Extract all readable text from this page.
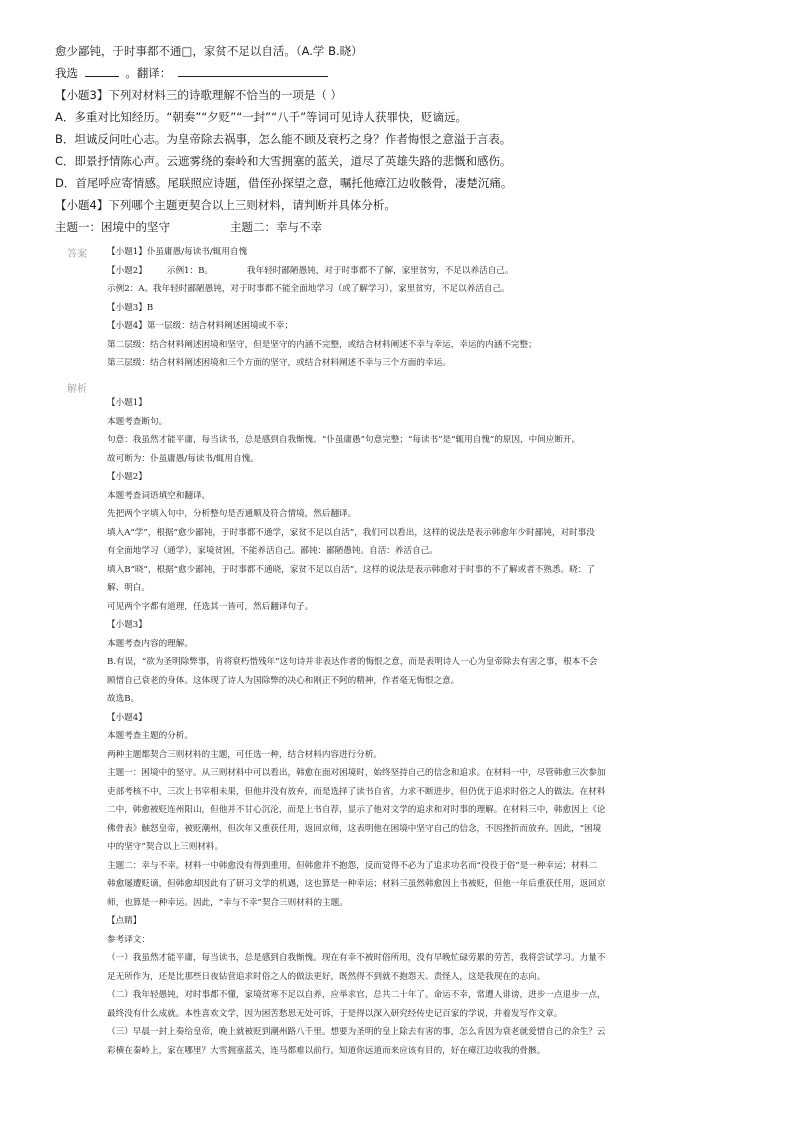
愈少鄙钝，于时事都不通□，家贫不足以自活。（A.学 B.晓）
我选	。翻译：
【小题3】下列对材料三的诗歌理解不恰当的一项是（ ）
A．多重对比知经历。“朝奏”“夕贬”“一封”“八千”等词可见诗人获罪快，贬谪远。
B．坦诚反问吐心志。为皇帝除去祸事，怎么能不顾及衰朽之身？作者悔恨之意溢于言表。
C．即景抒情陈心声。云遮雾绕的秦岭和大雪拥塞的蓝关，道尽了英雄失路的悲慨和感伤。
D．首尾呼应寄情感。尾联照应诗题，借侄孙探望之意，嘱托他瘴江边收骸骨，凄楚沉痛。
【小题4】下列哪个主题更契合以上三则材料，请判断并具体分析。
主题一：困境中的坚守	主题二：幸与不幸
答案 【小题1】仆虽庸愚/每读书/辄用自愧
【小题2】 示例1：B。	我年轻时鄙陋愚钝，对于时事都不了解，家里贫穷，不足以养活自己。
示例2：A。我年轻时鄙陋愚钝，对于时事都不能全面地学习（或了解学习），家里贫穷，不足以养活自己。
【小题3】B
【小题4】第一层级：结合材料阐述困境或不幸；
第二层级：结合材料阐述困境和坚守，但是坚守的内涵不完整，或结合材料阐述不幸与幸运，幸运的内涵不完整；
第三层级：结合材料阐述困境和三个方面的坚守，或结合材料阐述不幸与三个方面的幸运。
解析
【小题1】
本题考查断句。
句意：我虽然才能平庸，每当读书，总是感到自我惭愧。“仆虽庸愚”句意完整；“每读书”是“辄用自愧”的原因，中间应断开。
故可断为：仆虽庸愚/每读书/辄用自愧。
【小题2】
本题考查词语填空和翻译。
先把两个字填入句中，分析整句是否通顺及符合情境，然后翻译。
填入A“学”，根据“愈少鄙钝，于时事都不通学，家贫不足以自活”，我们可以看出，这样的说法是表示韩愈年少时鄙钝，对时事没
有全面地学习（通学），家境贫困，不能养活自己。鄙钝：鄙陋愚钝。自活：养活自己。
填入B“晓”，根据“愈少鄙钝，于时事都不通晓，家贫不足以自活”，这样的说法是表示韩愈对于时事的不了解或者不熟悉。晓：了
解、明白。
可见两个字都有道理，任选其一皆可，然后翻译句子。
【小题3】
本题考查内容的理解。
B.有误，“欲为圣明除弊事，肯将衰朽惜残年”这句诗并非表达作者的悔恨之意，而是表明诗人一心为皇帝除去有害之事，根本不会
顾惜自己衰老的身体。这体现了诗人为国除弊的决心和刚正不阿的精神，作者毫无悔恨之意。
故选B。
【小题4】
本题考查主题的分析。
两种主题都契合三则材料的主题，可任选一种，结合材料内容进行分析。
主题一：困境中的坚守。从三则材料中可以看出，韩愈在面对困境时，始终坚持自己的信念和追求。在材料一中，尽管韩愈三次参加
吏部考核不中，三次上书宰相未果，但他并没有放弃，而是选择了读书自省，力求不断进步，但仍优于追求时俗之人的做法。在材料
二中，韩愈被贬连州阳山，但他并不甘心沉沦，而是上书自荐，显示了他对文学的追求和对时事的理解。在材料三中，韩愈因上《论
佛骨表》触怒皇帝，被贬潮州，但次年又重获任用，返回京师，这表明他在困境中坚守自己的信念，不因挫折而放弃。因此，“困境
中的坚守”契合以上三则材料。
主题二：幸与不幸。材料一中韩愈没有得到重用，但韩愈并不抱怨，反而觉得不必为了追求功名而“役役于俗”是一种幸运；材料二
韩愈屡遭贬谪，但韩愈却因此有了研习文学的机遇，这也算是一种幸运；材料三虽然韩愈因上书被贬，但他一年后重获任用，返回京
师，也算是一种幸运。因此，“幸与不幸”契合三则材料的主题。
【点睛】
参考译文：
（一）我虽然才能平庸，每当读书，总是感到自我惭愧。现在有幸不被时俗所用，没有早晚忙碌劳累的劳苦，我将尝试学习。力量不
足无所作为，还是比那些日夜钻营追求时俗之人的做法更好，既然得不到就不抱怨天、责怪人，这是我现在的志向。
（二）我年轻愚钝，对时事都不懂，家境贫寒不足以自养，应举求官，总共二十年了。命运不幸，常遭人诽谤，进步一点退步一点，
最终没有什么成就。本性喜欢文学，因为困苦愁思无处可诉，于是得以深入研究经传史记百家的学说，并着发写作文章。
（三）早晨一封上奏给皇帝，晚上就被贬到潮州路八千里。想要为圣明的皇上除去有害的事，怎么肯因为衰老就爱惜自己的余生？云
彩横在秦岭上，家在哪里？大雪拥塞蓝关，连马都难以前行。知道你远道而来应该有目的，好在瘴江边收我的骨骸。
